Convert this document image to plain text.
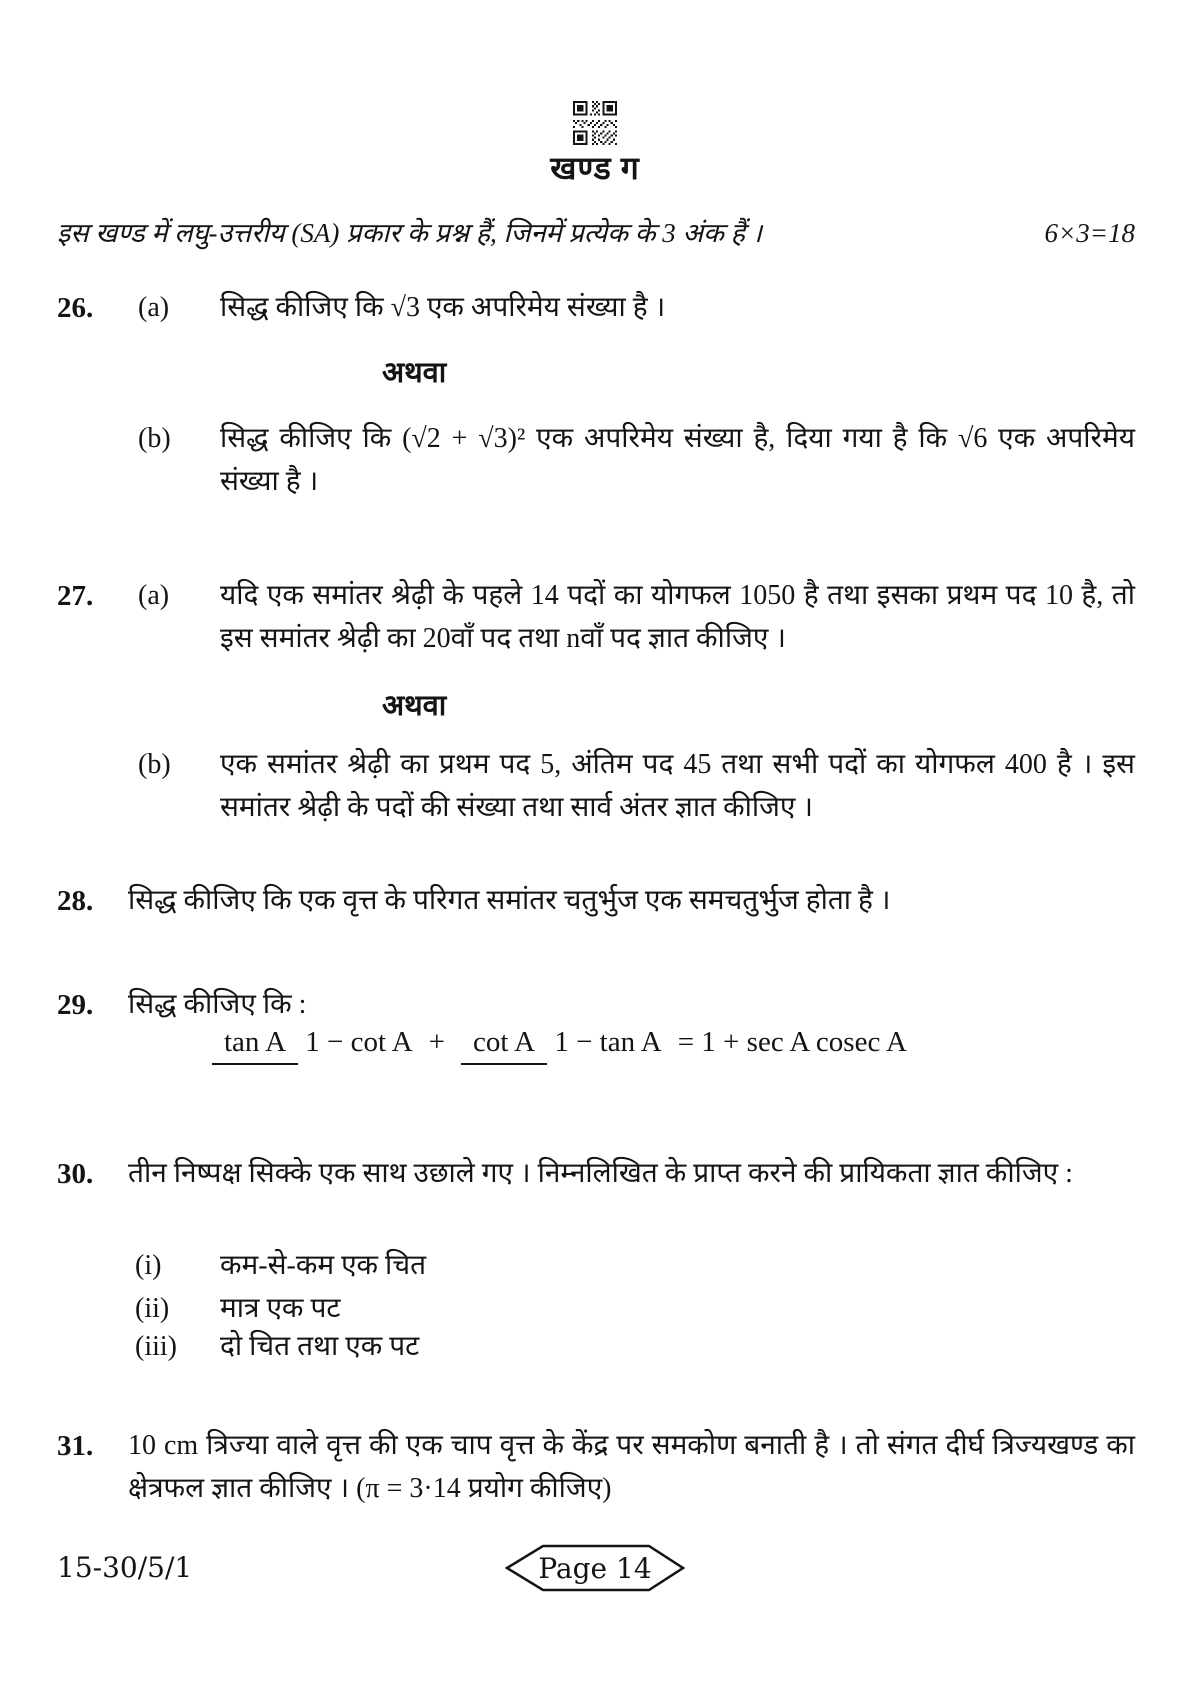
खण्ड ग
इस खण्ड में लघु-उत्तरीय (SA) प्रकार के प्रश्न हैं, जिनमें प्रत्येक के 3 अंक हैं ।	6×3=18
26.	(a)	सिद्ध कीजिए कि √3 एक अपरिमेय संख्या है ।
अथवा
(b)	सिद्ध कीजिए कि (√2 + √3)² एक अपरिमेय संख्या है, दिया गया है कि √6 एक अपरिमेय संख्या है ।
27.	(a)	यदि एक समांतर श्रेढ़ी के पहले 14 पदों का योगफल 1050 है तथा इसका प्रथम पद 10 है, तो इस समांतर श्रेढ़ी का 20वाँ पद तथा nवाँ पद ज्ञात कीजिए ।
अथवा
(b)	एक समांतर श्रेढ़ी का प्रथम पद 5, अंतिम पद 45 तथा सभी पदों का योगफल 400 है । इस समांतर श्रेढ़ी के पदों की संख्या तथा सार्व अंतर ज्ञात कीजिए ।
28.	सिद्ध कीजिए कि एक वृत्त के परिगत समांतर चतुर्भुज एक समचतुर्भुज होता है ।
29.	सिद्ध कीजिए कि :
tan A 1 − cot A + cot A 1 − tan A = 1 + sec A cosec A
30.	तीन निष्पक्ष सिक्के एक साथ उछाले गए । निम्नलिखित के प्राप्त करने की प्रायिकता ज्ञात कीजिए :
(i)	कम-से-कम एक चित
(ii)	मात्र एक पट
(iii)	दो चित तथा एक पट
31.	10 cm त्रिज्या वाले वृत्त की एक चाप वृत्त के केंद्र पर समकोण बनाती है । तो संगत दीर्घ त्रिज्यखण्ड का क्षेत्रफल ज्ञात कीजिए । (π = 3·14 प्रयोग कीजिए)
15-30/5/1	Page 14
